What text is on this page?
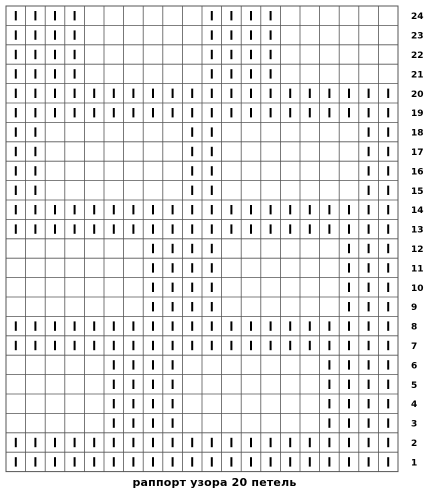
24
23
22
21
20
19
18
17
16
15
14
13
12
11
10
9
8
7
6
5
4
3
2
1
раппорт узора 20 петель
